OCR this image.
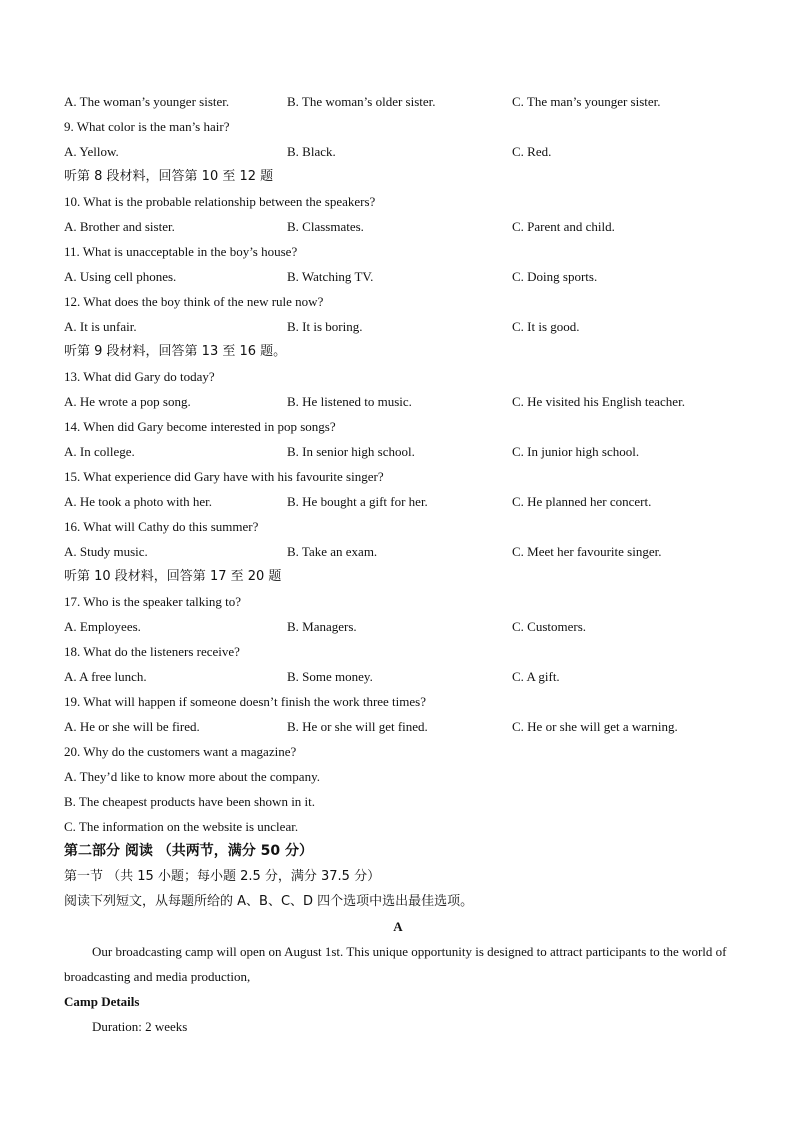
A. The woman’s younger sister.	B. The woman’s older sister.	C. The man’s younger sister.
9. What color is the man’s hair?
A. Yellow.	B. Black.	C. Red.
听第 8 段材料，回答第 10 至 12 题
10. What is the probable relationship between the speakers?
A. Brother and sister.	B. Classmates.	C. Parent and child.
11. What is unacceptable in the boy’s house?
A. Using cell phones.	B. Watching TV.	C. Doing sports.
12. What does the boy think of the new rule now?
A. It is unfair.	B. It is boring.	C. It is good.
听第 9 段材料，回答第 13 至 16 题。
13. What did Gary do today?
A. He wrote a pop song.	B. He listened to music.	C. He visited his English teacher.
14. When did Gary become interested in pop songs?
A. In college.	B. In senior high school.	C. In junior high school.
15. What experience did Gary have with his favourite singer?
A. He took a photo with her.	B. He bought a gift for her.	C. He planned her concert.
16. What will Cathy do this summer?
A. Study music.	B. Take an exam.	C. Meet her favourite singer.
听第 10 段材料，回答第 17 至 20 题
17. Who is the speaker talking to?
A. Employees.	B. Managers.	C. Customers.
18. What do the listeners receive?
A. A free lunch.	B. Some money.	C. A gift.
19. What will happen if someone doesn’t finish the work three times?
A. He or she will be fired.	B. He or she will get fined.	C. He or she will get a warning.
20. Why do the customers want a magazine?
A. They’d like to know more about the company.
B. The cheapest products have been shown in it.
C. The information on the website is unclear.
第二部分 阅读 （共两节，满分 50 分）
第一节 （共 15 小题；每小题 2.5 分，满分 37.5 分）
阅读下列短文，从每题所给的 A、B、C、D 四个选项中选出最佳选项。
A
Our broadcasting camp will open on August 1st. This unique opportunity is designed to attract participants to the world of broadcasting and media production,
Camp Details
Duration: 2 weeks
